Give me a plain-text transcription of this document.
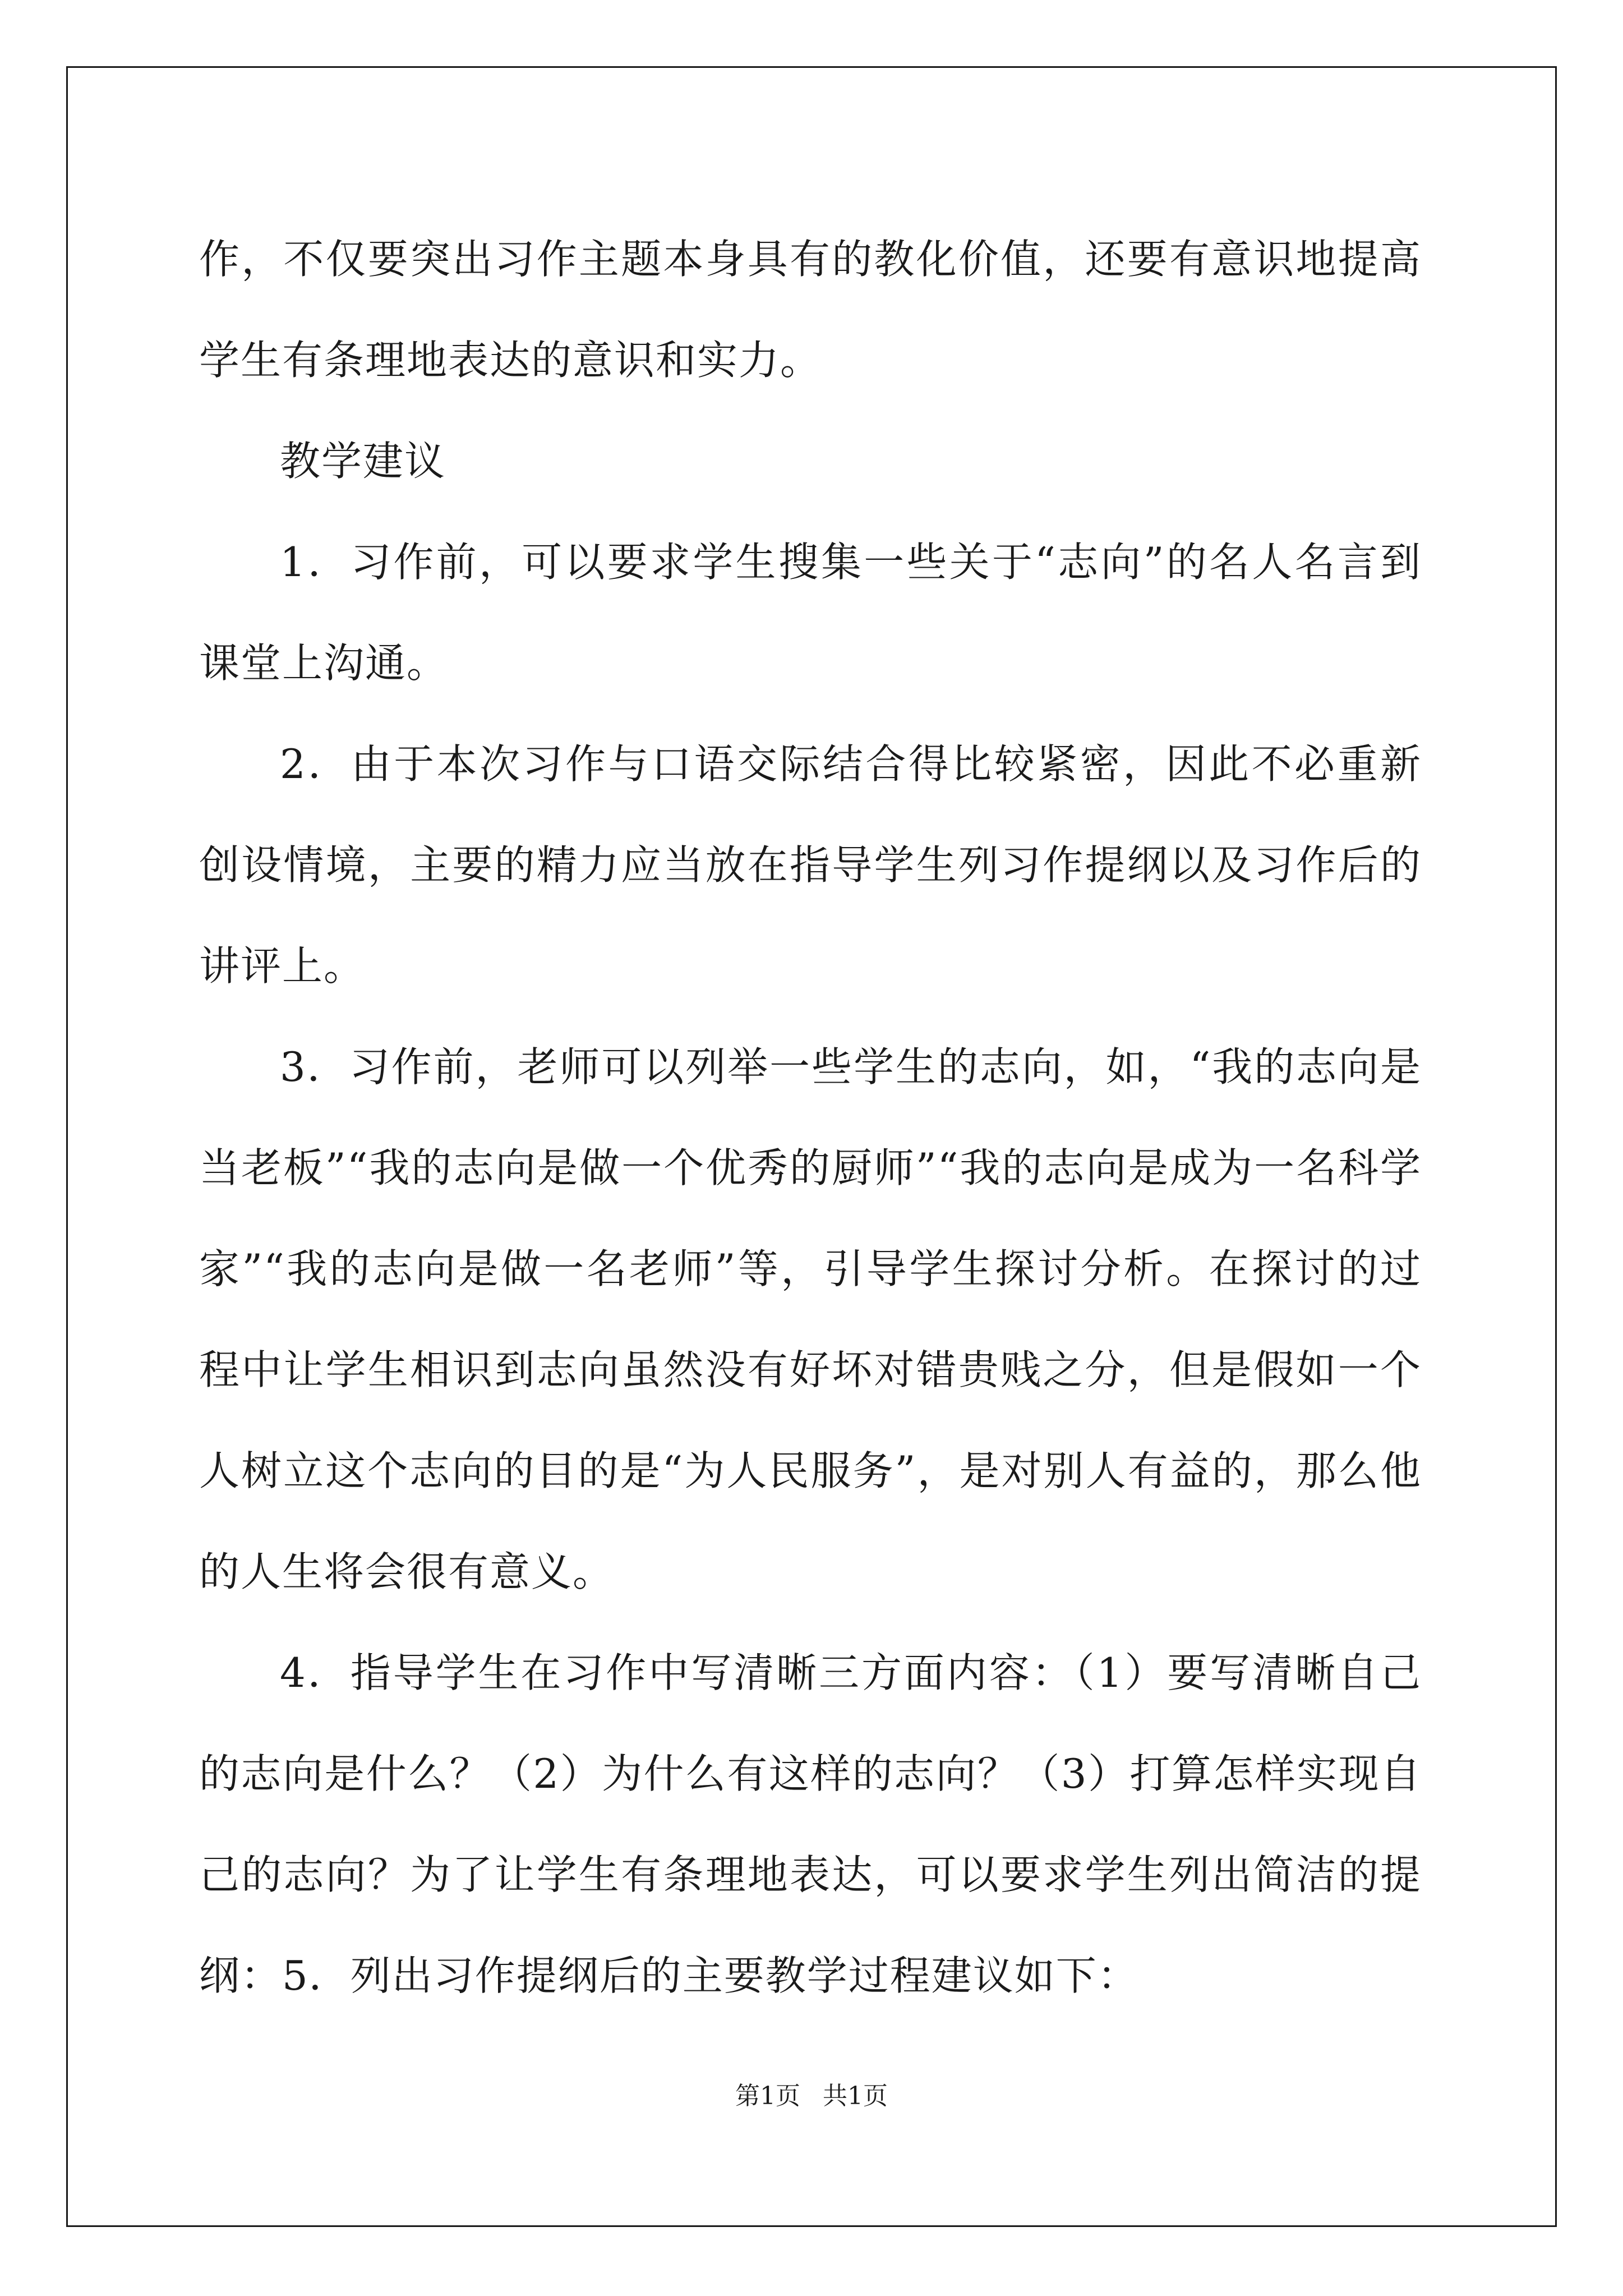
作，不仅要突出习作主题本身具有的教化价值，还要有意识地提高学生有条理地表达的意识和实力。

教学建议

1．习作前，可以要求学生搜集一些关于“志向”的名人名言到课堂上沟通。

2．由于本次习作与口语交际结合得比较紧密，因此不必重新创设情境，主要的精力应当放在指导学生列习作提纲以及习作后的讲评上。

3．习作前，老师可以列举一些学生的志向，如，“我的志向是当老板”“我的志向是做一个优秀的厨师”“我的志向是成为一名科学家”“我的志向是做一名老师”等，引导学生探讨分析。在探讨的过程中让学生相识到志向虽然没有好坏对错贵贱之分，但是假如一个人树立这个志向的目的是“为人民服务”，是对别人有益的，那么他的人生将会很有意义。

4．指导学生在习作中写清晰三方面内容：（1）要写清晰自己的志向是什么？（2）为什么有这样的志向？（3）打算怎样实现自己的志向？为了让学生有条理地表达，可以要求学生列出简洁的提纲：5．列出习作提纲后的主要教学过程建议如下：

第1页 共1页
